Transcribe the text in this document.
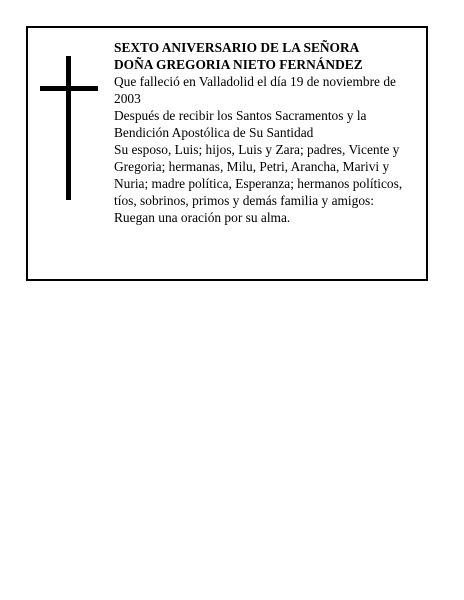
SEXTO ANIVERSARIO DE LA SEÑORA

DOÑA GREGORIA NIETO FERNÁNDEZ

Que falleció en Valladolid el día 19 de noviembre de 2003

Después de recibir los Santos Sacramentos y la Bendición Apostólica de Su Santidad

Su esposo, Luis; hijos, Luis y Zara; padres, Vicente y Gregoria; hermanas, Milu, Petri, Arancha, Marivi y Nuria; madre política, Esperanza; hermanos políticos, tíos, sobrinos, primos y demás familia y amigos:

Ruegan una oración por su alma.
